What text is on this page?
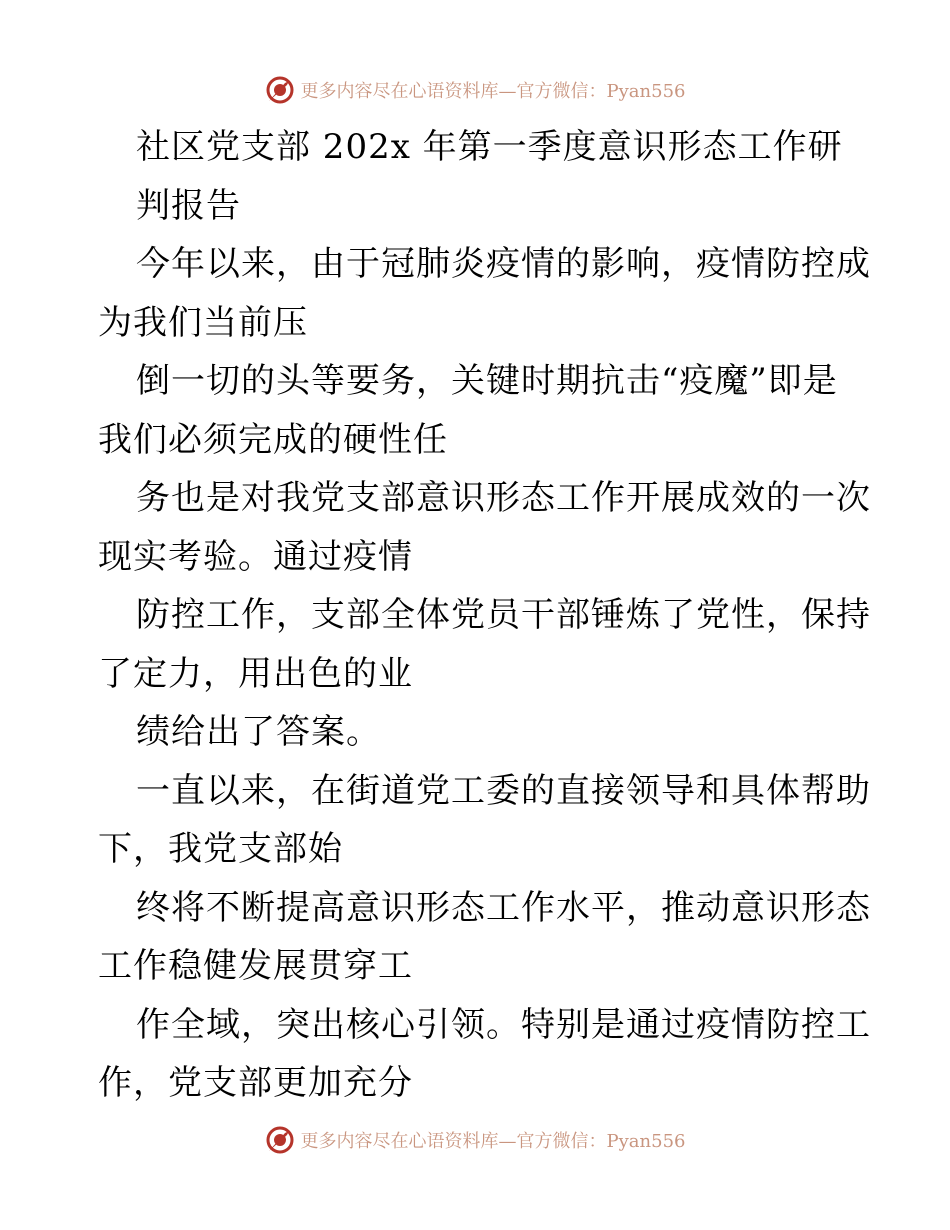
更多内容尽在心语资料库—官方微信：Pyan556
社区党支部 202x 年第一季度意识形态工作研
判报告
今年以来，由于冠肺炎疫情的影响，疫情防控成
为我们当前压
倒一切的头等要务，关键时期抗击“疫魔”即是
我们必须完成的硬性任
务也是对我党支部意识形态工作开展成效的一次
现实考验。通过疫情
防控工作，支部全体党员干部锤炼了党性，保持
了定力，用出色的业
绩给出了答案。
一直以来，在街道党工委的直接领导和具体帮助
下，我党支部始
终将不断提高意识形态工作水平，推动意识形态
工作稳健发展贯穿工
作全域，突出核心引领。特别是通过疫情防控工
作，党支部更加充分
更多内容尽在心语资料库—官方微信：Pyan556
